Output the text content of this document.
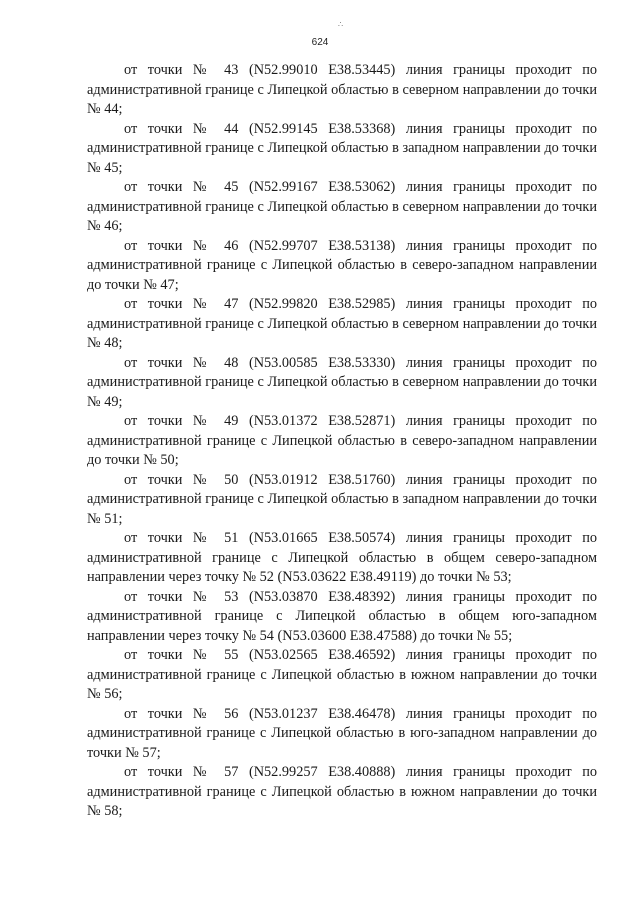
∴
624

от точки № 43 (N52.99010 E38.53445) линия границы проходит по административной границе с Липецкой областью в северном направлении до точки № 44;

от точки № 44 (N52.99145 E38.53368) линия границы проходит по административной границе с Липецкой областью в западном направлении до точки № 45;

от точки № 45 (N52.99167 E38.53062) линия границы проходит по административной границе с Липецкой областью в северном направлении до точки № 46;

от точки № 46 (N52.99707 E38.53138) линия границы проходит по административной границе с Липецкой областью в северо-западном направлении до точки № 47;

от точки № 47 (N52.99820 E38.52985) линия границы проходит по административной границе с Липецкой областью в северном направлении до точки № 48;

от точки № 48 (N53.00585 E38.53330) линия границы проходит по административной границе с Липецкой областью в северном направлении до точки № 49;

от точки № 49 (N53.01372 E38.52871) линия границы проходит по административной границе с Липецкой областью в северо-западном направлении до точки № 50;

от точки № 50 (N53.01912 E38.51760) линия границы проходит по административной границе с Липецкой областью в западном направлении до точки № 51;

от точки № 51 (N53.01665 E38.50574) линия границы проходит по административной границе с Липецкой областью в общем северо-западном направлении через точку № 52 (N53.03622 E38.49119) до точки № 53;

от точки № 53 (N53.03870 E38.48392) линия границы проходит по административной границе с Липецкой областью в общем юго-западном направлении через точку № 54 (N53.03600 E38.47588) до точки № 55;

от точки № 55 (N53.02565 E38.46592) линия границы проходит по административной границе с Липецкой областью в южном направлении до точки № 56;

от точки № 56 (N53.01237 E38.46478) линия границы проходит по административной границе с Липецкой областью в юго-западном направлении до точки № 57;

от точки № 57 (N52.99257 E38.40888) линия границы проходит по административной границе с Липецкой областью в южном направлении до точки № 58;
